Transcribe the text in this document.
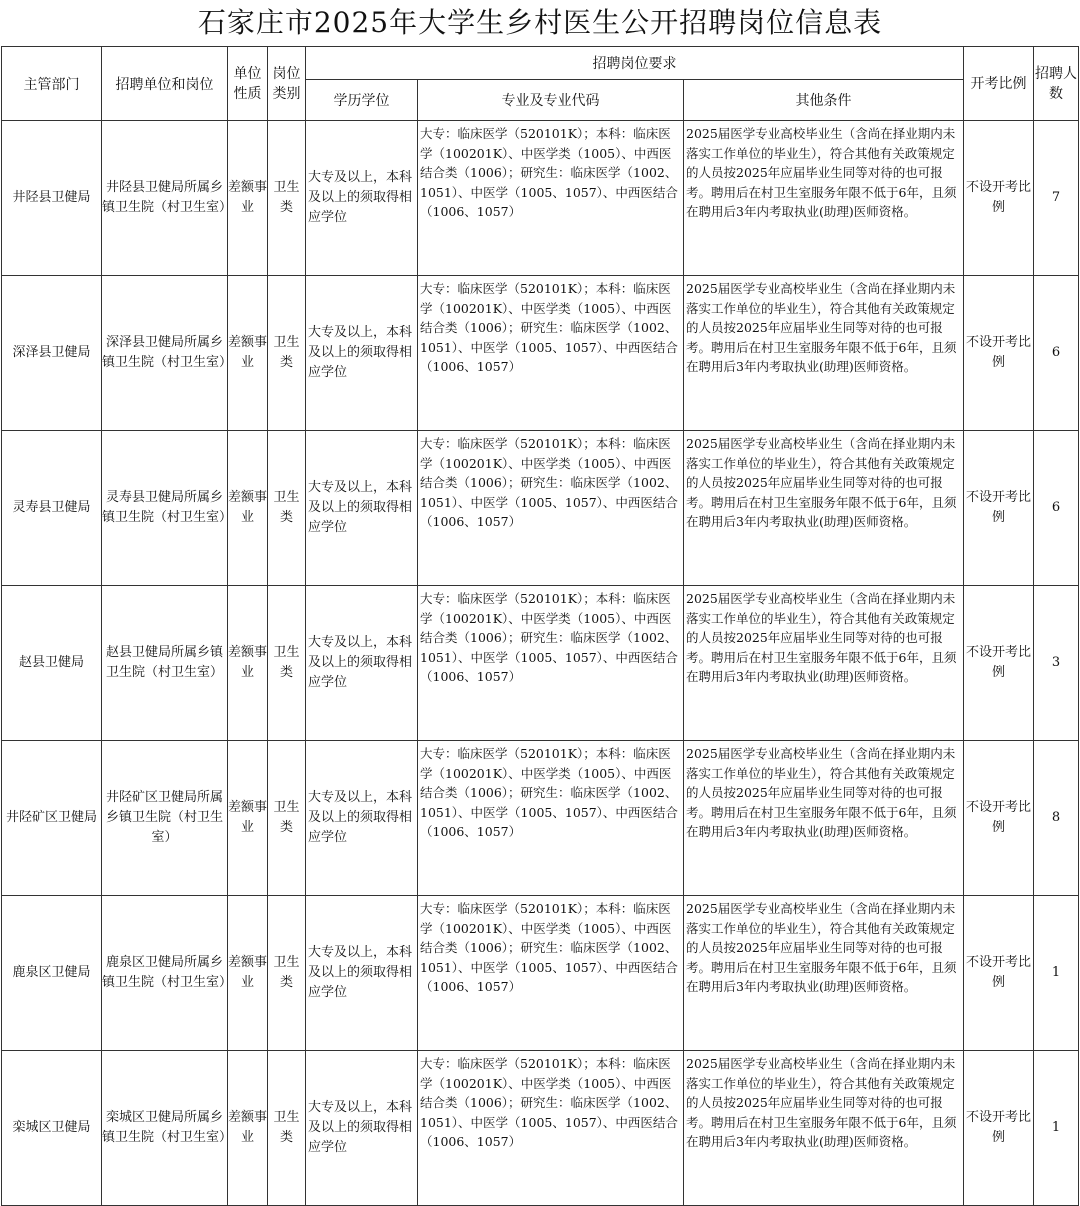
石家庄市2025年大学生乡村医生公开招聘岗位信息表
主管部门	招聘单位和岗位	单位性质	岗位类别	招聘岗位要求			开考比例	招聘人数
				学历学位	专业及专业代码	其他条件		
井陉县卫健局	井陉县卫健局所属乡镇卫生院（村卫生室）	差额事业	卫生类	大专及以上，本科及以上的须取得相应学位	大专：临床医学（520101K）；本科：临床医学（100201K）、中医学类（1005）、中西医结合类（1006）；研究生：临床医学（1002、1051）、中医学（1005、1057）、中西医结合（1006、1057）	2025届医学专业高校毕业生（含尚在择业期内未落实工作单位的毕业生），符合其他有关政策规定的人员按2025年应届毕业生同等对待的也可报考。聘用后在村卫生室服务年限不低于6年，且须在聘用后3年内考取执业(助理)医师资格。	不设开考比例	7
深泽县卫健局	深泽县卫健局所属乡镇卫生院（村卫生室）	差额事业	卫生类	大专及以上，本科及以上的须取得相应学位	大专：临床医学（520101K）；本科：临床医学（100201K）、中医学类（1005）、中西医结合类（1006）；研究生：临床医学（1002、1051）、中医学（1005、1057）、中西医结合（1006、1057）	2025届医学专业高校毕业生（含尚在择业期内未落实工作单位的毕业生），符合其他有关政策规定的人员按2025年应届毕业生同等对待的也可报考。聘用后在村卫生室服务年限不低于6年，且须在聘用后3年内考取执业(助理)医师资格。	不设开考比例	6
灵寿县卫健局	灵寿县卫健局所属乡镇卫生院（村卫生室）	差额事业	卫生类	大专及以上，本科及以上的须取得相应学位	大专：临床医学（520101K）；本科：临床医学（100201K）、中医学类（1005）、中西医结合类（1006）；研究生：临床医学（1002、1051）、中医学（1005、1057）、中西医结合（1006、1057）	2025届医学专业高校毕业生（含尚在择业期内未落实工作单位的毕业生），符合其他有关政策规定的人员按2025年应届毕业生同等对待的也可报考。聘用后在村卫生室服务年限不低于6年，且须在聘用后3年内考取执业(助理)医师资格。	不设开考比例	6
赵县卫健局	赵县卫健局所属乡镇卫生院（村卫生室）	差额事业	卫生类	大专及以上，本科及以上的须取得相应学位	大专：临床医学（520101K）；本科：临床医学（100201K）、中医学类（1005）、中西医结合类（1006）；研究生：临床医学（1002、1051）、中医学（1005、1057）、中西医结合（1006、1057）	2025届医学专业高校毕业生（含尚在择业期内未落实工作单位的毕业生），符合其他有关政策规定的人员按2025年应届毕业生同等对待的也可报考。聘用后在村卫生室服务年限不低于6年，且须在聘用后3年内考取执业(助理)医师资格。	不设开考比例	3
井陉矿区卫健局	井陉矿区卫健局所属乡镇卫生院（村卫生室）	差额事业	卫生类	大专及以上，本科及以上的须取得相应学位	大专：临床医学（520101K）；本科：临床医学（100201K）、中医学类（1005）、中西医结合类（1006）；研究生：临床医学（1002、1051）、中医学（1005、1057）、中西医结合（1006、1057）	2025届医学专业高校毕业生（含尚在择业期内未落实工作单位的毕业生），符合其他有关政策规定的人员按2025年应届毕业生同等对待的也可报考。聘用后在村卫生室服务年限不低于6年，且须在聘用后3年内考取执业(助理)医师资格。	不设开考比例	8
鹿泉区卫健局	鹿泉区卫健局所属乡镇卫生院（村卫生室）	差额事业	卫生类	大专及以上，本科及以上的须取得相应学位	大专：临床医学（520101K）；本科：临床医学（100201K）、中医学类（1005）、中西医结合类（1006）；研究生：临床医学（1002、1051）、中医学（1005、1057）、中西医结合（1006、1057）	2025届医学专业高校毕业生（含尚在择业期内未落实工作单位的毕业生），符合其他有关政策规定的人员按2025年应届毕业生同等对待的也可报考。聘用后在村卫生室服务年限不低于6年，且须在聘用后3年内考取执业(助理)医师资格。	不设开考比例	1
栾城区卫健局	栾城区卫健局所属乡镇卫生院（村卫生室）	差额事业	卫生类	大专及以上，本科及以上的须取得相应学位	大专：临床医学（520101K）；本科：临床医学（100201K）、中医学类（1005）、中西医结合类（1006）；研究生：临床医学（1002、1051）、中医学（1005、1057）、中西医结合（1006、1057）	2025届医学专业高校毕业生（含尚在择业期内未落实工作单位的毕业生），符合其他有关政策规定的人员按2025年应届毕业生同等对待的也可报考。聘用后在村卫生室服务年限不低于6年，且须在聘用后3年内考取执业(助理)医师资格。	不设开考比例	1
